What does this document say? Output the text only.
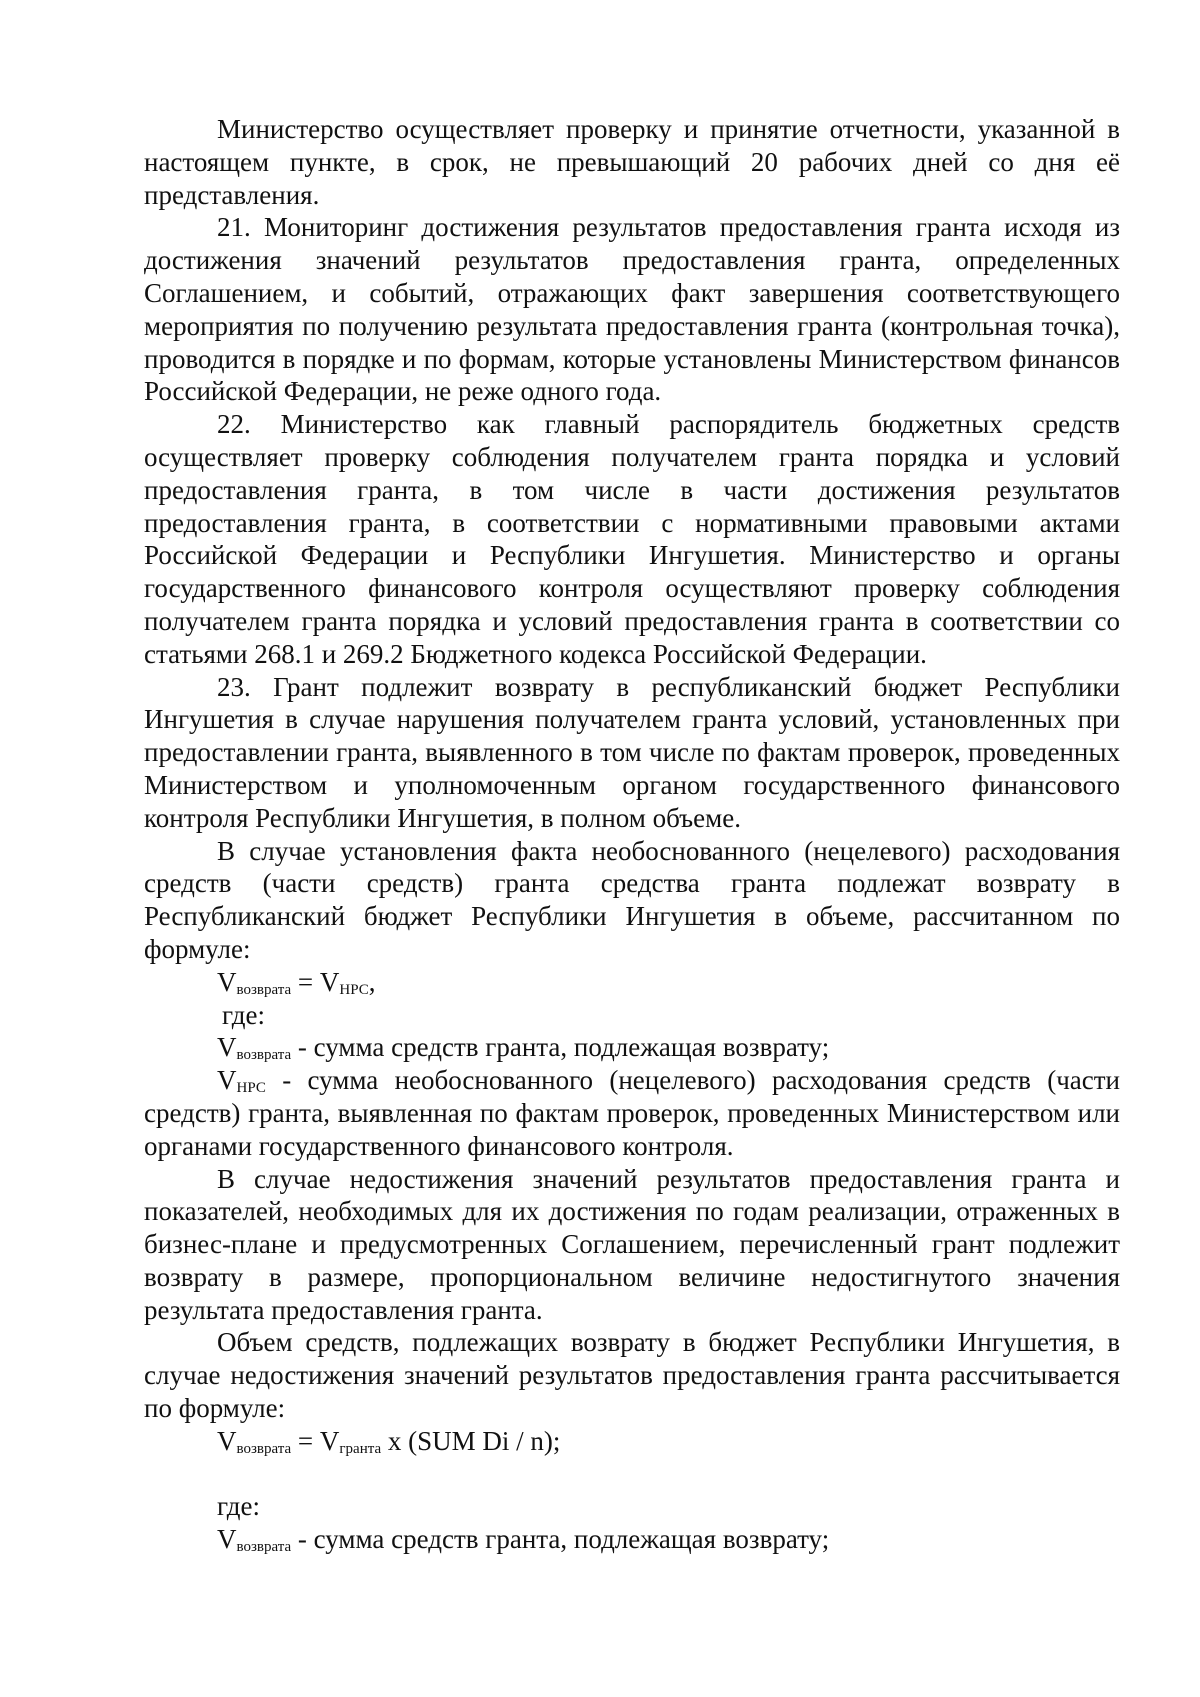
Министерство осуществляет проверку и принятие отчетности, указанной в настоящем пункте, в срок, не превышающий 20 рабочих дней со дня её представления.

21. Мониторинг достижения результатов предоставления гранта исходя из достижения значений результатов предоставления гранта, определенных Соглашением, и событий, отражающих факт завершения соответствующего мероприятия по получению результата предоставления гранта (контрольная точка), проводится в порядке и по формам, которые установлены Министерством финансов Российской Федерации, не реже одного года.

22. Министерство как главный распорядитель бюджетных средств осуществляет проверку соблюдения получателем гранта порядка и условий предоставления гранта, в том числе в части достижения результатов предоставления гранта, в соответствии с нормативными правовыми актами Российской Федерации и Республики Ингушетия. Министерство и органы государственного финансового контроля осуществляют проверку соблюдения получателем гранта порядка и условий предоставления гранта в соответствии со статьями 268.1 и 269.2 Бюджетного кодекса Российской Федерации.

23. Грант подлежит возврату в республиканский бюджет Республики Ингушетия в случае нарушения получателем гранта условий, установленных при предоставлении гранта, выявленного в том числе по фактам проверок, проведенных Министерством и уполномоченным органом государственного финансового контроля Республики Ингушетия, в полном объеме.

В случае установления факта необоснованного (нецелевого) расходования средств (части средств) гранта средства гранта подлежат возврату в Республиканский бюджет Республики Ингушетия в объеме, рассчитанном по формуле:

$V_{возврата} = V_{НРС}$,

где:

$V_{возврата}$ - сумма средств гранта, подлежащая возврату;

$V_{НРС}$ - сумма необоснованного (нецелевого) расходования средств (части средств) гранта, выявленная по фактам проверок, проведенных Министерством или органами государственного финансового контроля.

В случае недостижения значений результатов предоставления гранта и показателей, необходимых для их достижения по годам реализации, отраженных в бизнес-плане и предусмотренных Соглашением, перечисленный грант подлежит возврату в размере, пропорциональном величине недостигнутого значения результата предоставления гранта.

Объем средств, подлежащих возврату в бюджет Республики Ингушетия, в случае недостижения значений результатов предоставления гранта рассчитывается по формуле:

$V_{возврата} = V_{гранта}$ х (SUM Di / n);

где:

$V_{возврата}$ - сумма средств гранта, подлежащая возврату;
